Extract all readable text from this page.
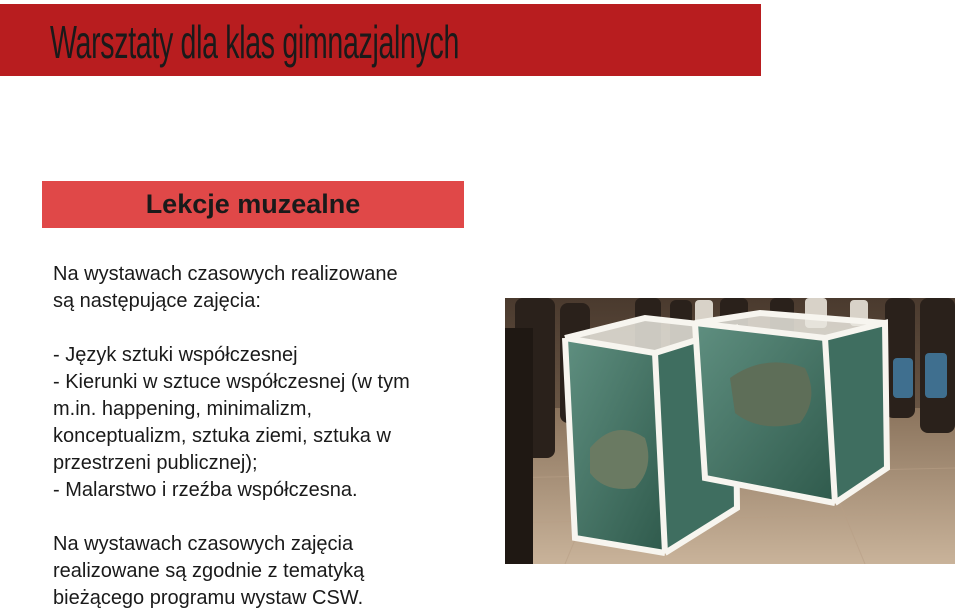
Warsztaty dla klas gimnazjalnych
Lekcje muzealne
Na wystawach czasowych realizowane
są następujące zajęcia:
- Język sztuki współczesnej
- Kierunki w sztuce współczesnej (w tym
m.in. happening, minimalizm,
konceptualizm, sztuka ziemi, sztuka w
przestrzeni publicznej);
- Malarstwo i rzeźba współczesna.
Na wystawach czasowych zajęcia
realizowane są zgodnie z tematyką
bieżącego programu wystaw CSW.
